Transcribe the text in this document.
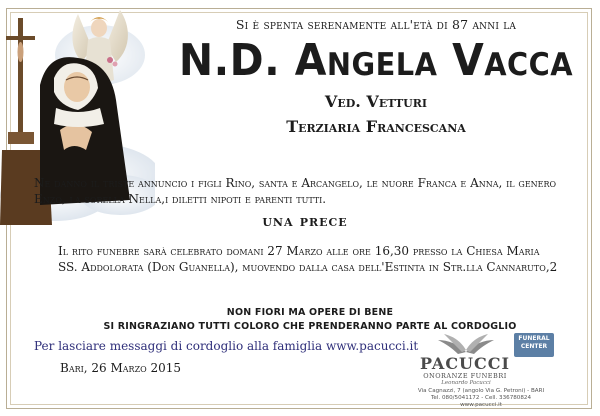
Si è spenta serenamente all'età di 87 anni la
N.D. Angela Vacca
Ved. Vetturi
Terziaria Francescana
Ne danno il triste annuncio i figli Rino, santa e Arcangelo, le nuore Franca e Anna, il genero Enzo, la sorella Nella,i diletti nipoti e parenti tutti.
una prece
Il rito funebre sarà celebrato domani 27 Marzo alle ore 16,30 presso la Chiesa Maria SS. Addolorata (Don Guanella), muovendo dalla casa dell'Estinta in Str.lla Cannaruto,2
NON FIORI MA OPERE DI BENE
SI RINGRAZIANO TUTTI COLORO CHE PRENDERANNO PARTE AL CORDOGLIO
Per lasciare messaggi di cordoglio alla famiglia www.pacucci.it
Bari, 26 Marzo 2015
FUNERAL CENTER
PACUCCI
ONORANZE FUNEBRI
Leonardo Pacucci
Via Cagnazzi, 7 (angolo Via G. Petroni) - BARI
Tel. 080/5041172 - Cell. 336780824
www.pacucci.it
